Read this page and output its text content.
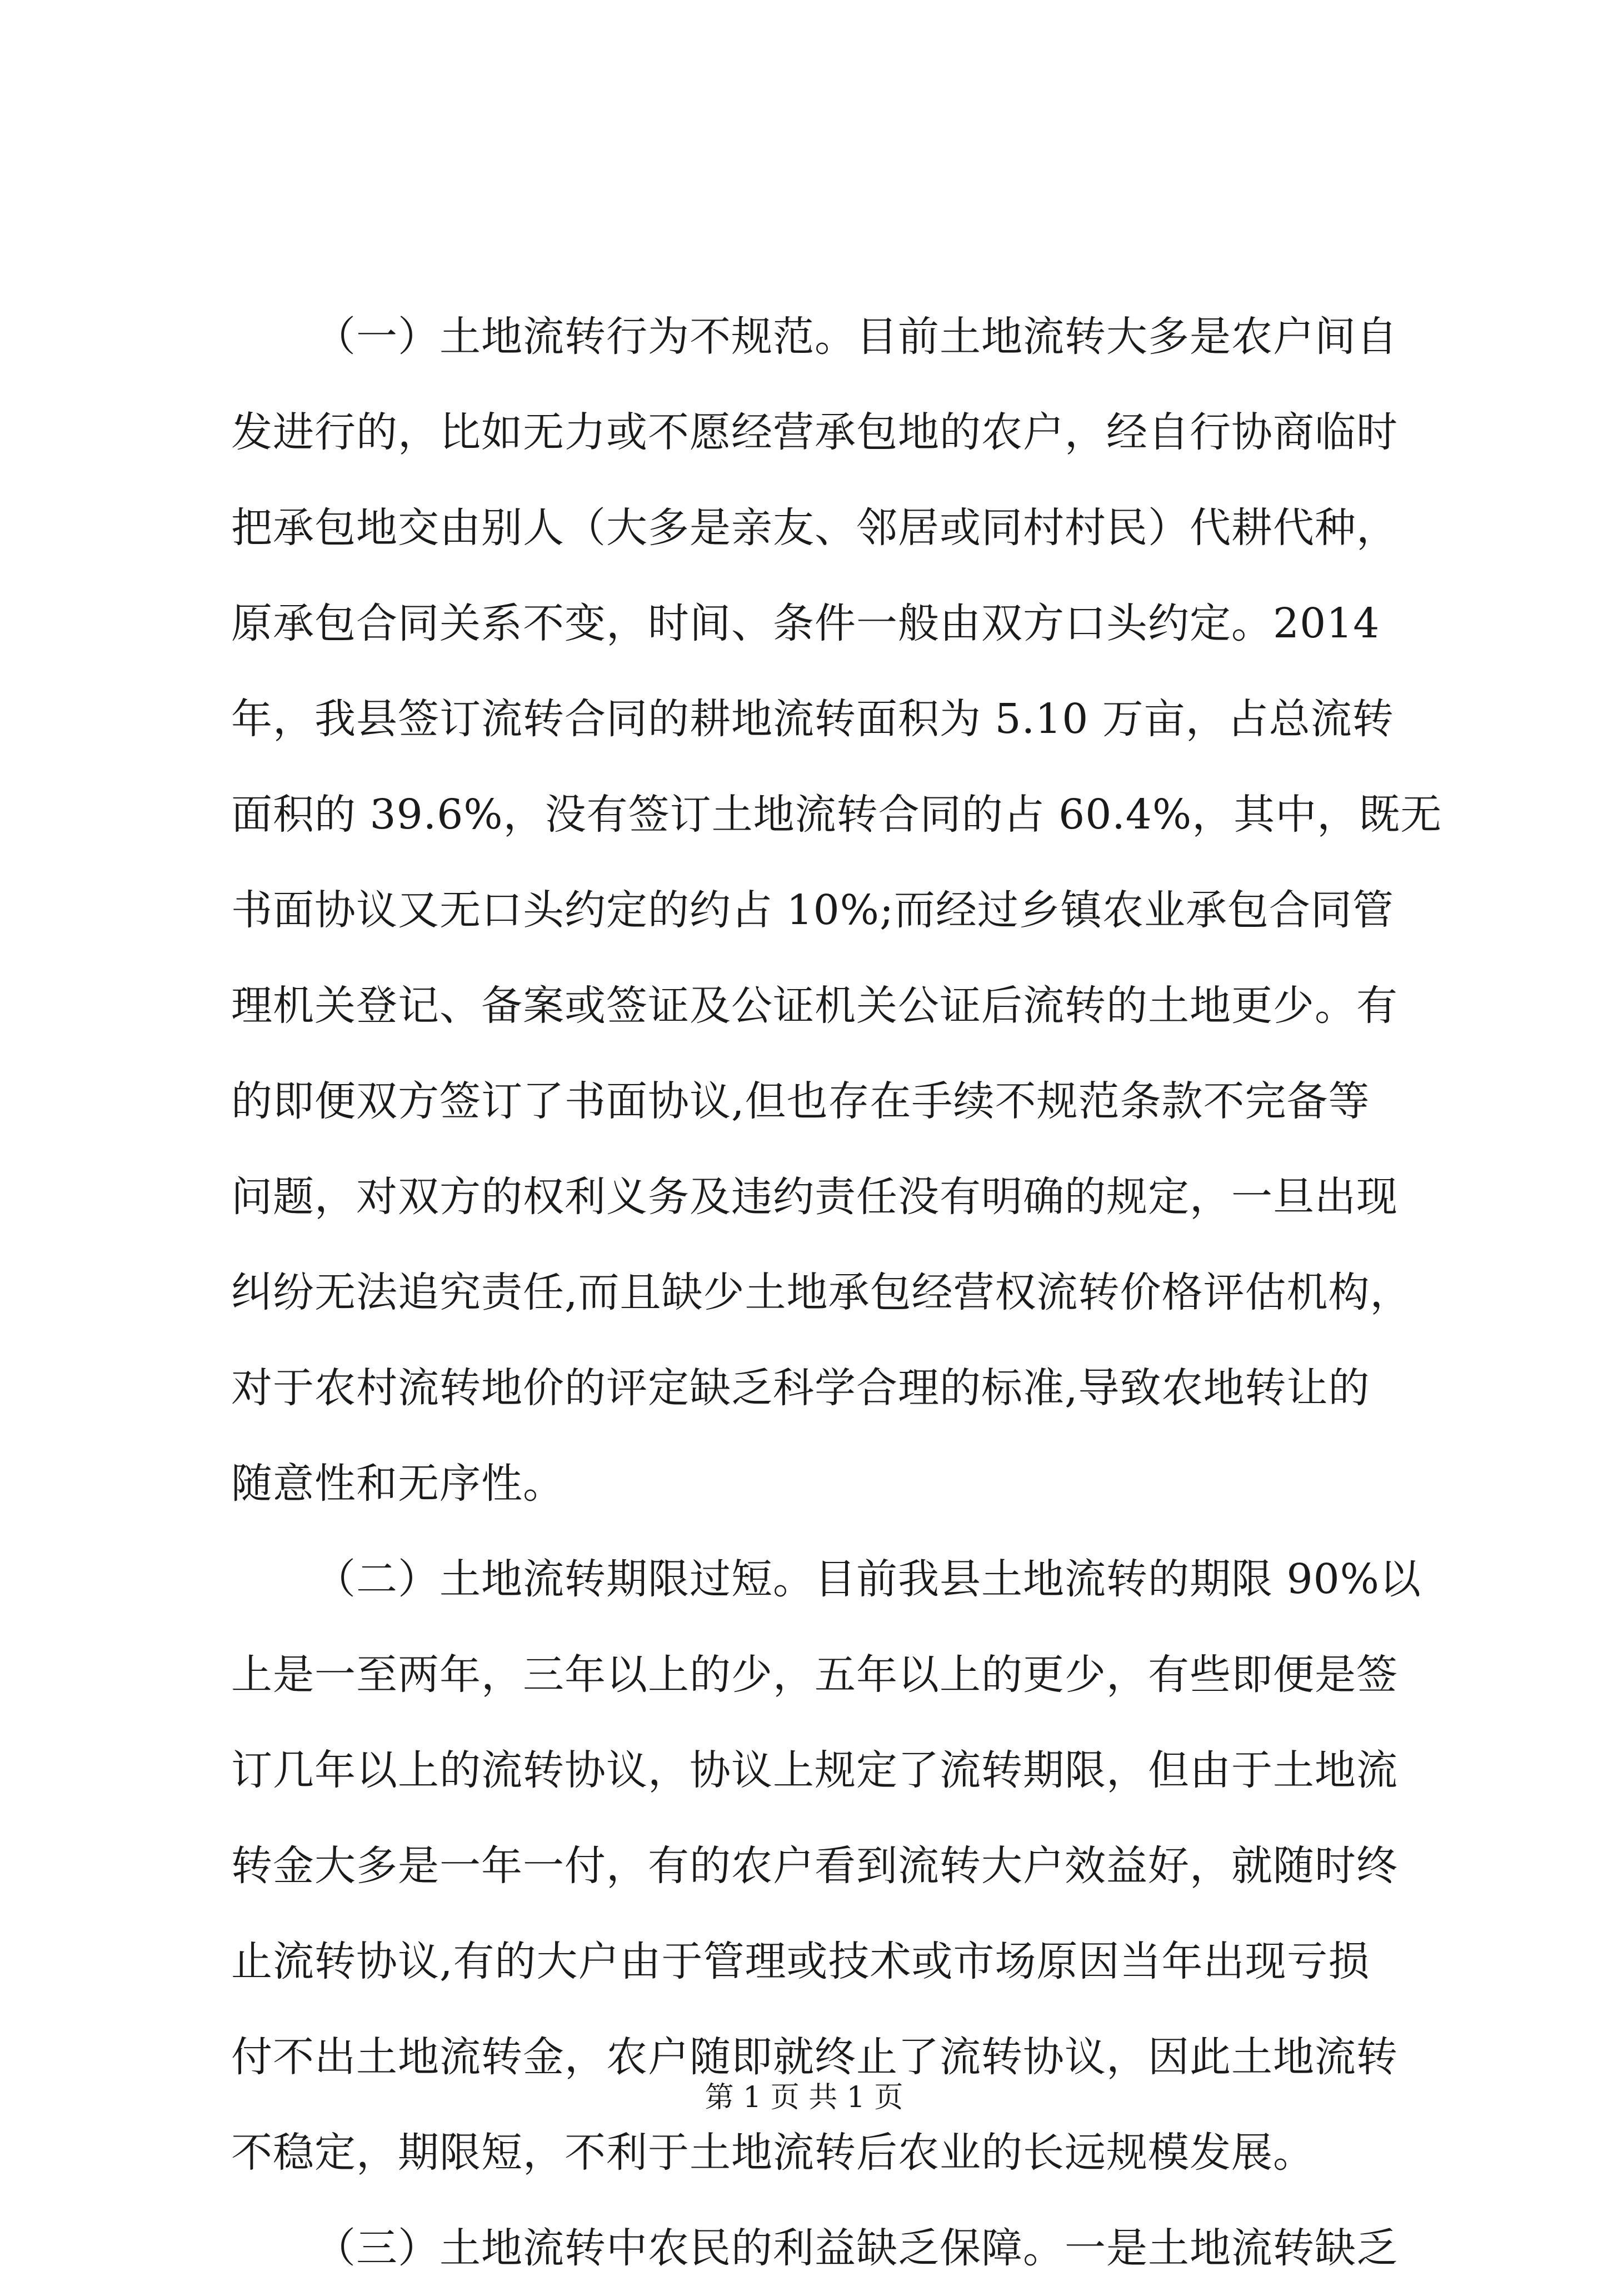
（一）土地流转行为不规范。目前土地流转大多是农户间自
发进行的，比如无力或不愿经营承包地的农户，经自行协商临时
把承包地交由别人（大多是亲友、邻居或同村村民）代耕代种，
原承包合同关系不变，时间、条件一般由双方口头约定。2014
年，我县签订流转合同的耕地流转面积为 5.10 万亩，占总流转
面积的 39.6%，没有签订土地流转合同的占 60.4%，其中，既无
书面协议又无口头约定的约占 10%;而经过乡镇农业承包合同管
理机关登记、备案或签证及公证机关公证后流转的土地更少。有
的即便双方签订了书面协议,但也存在手续不规范条款不完备等
问题，对双方的权利义务及违约责任没有明确的规定，一旦出现
纠纷无法追究责任,而且缺少土地承包经营权流转价格评估机构，
对于农村流转地价的评定缺乏科学合理的标准,导致农地转让的
随意性和无序性。
（二）土地流转期限过短。目前我县土地流转的期限 90%以
上是一至两年，三年以上的少，五年以上的更少，有些即便是签
订几年以上的流转协议，协议上规定了流转期限，但由于土地流
转金大多是一年一付，有的农户看到流转大户效益好，就随时终
止流转协议,有的大户由于管理或技术或市场原因当年出现亏损
付不出土地流转金，农户随即就终止了流转协议，因此土地流转
不稳定，期限短，不利于土地流转后农业的长远规模发展。
（三）土地流转中农民的利益缺乏保障。一是土地流转缺乏
第 1 页 共 1 页
